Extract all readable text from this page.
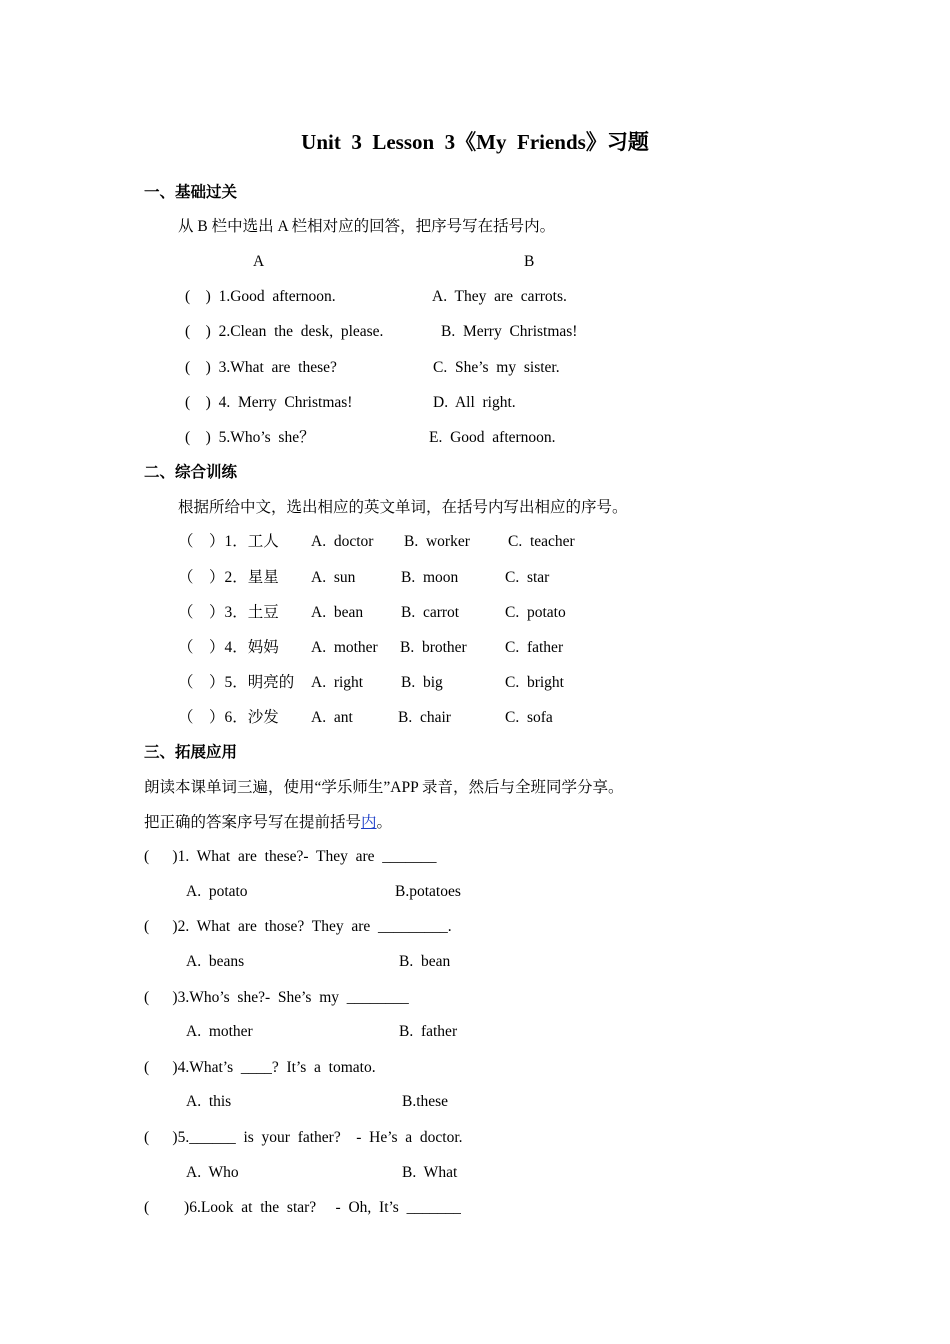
Unit  3  Lesson  3《My  Friends》习题
一、基础过关
从 B 栏中选出 A 栏相对应的回答，把序号写在括号内。
A	B
(    )  1.Good  afternoon.	A.  They  are  carrots.
(    )  2.Clean  the  desk,  please.	B.  Merry  Christmas!
(    )  3.What  are  these?	C.  She’s  my  sister.
(    )  4.  Merry  Christmas!	D.  All  right.
(    )  5.Who’s  she？	E.  Good  afternoon.
二、综合训练
根据所给中文，选出相应的英文单词，在括号内写出相应的序号。
（    ）1．工人 A.  doctor B.  worker C.  teacher
（    ）2．星星 A.  sun	B.  moon	C.  star
（    ）3．土豆 A.  bean B.  carrot	C.  potato
（    ）4．妈妈 A.  mother B.  brother C.  father
（    ）5．明亮的 A.  right B.  big	C.  bright
（    ）6．沙发 A.  ant	B.  chair	C.  sofa
三、拓展应用
朗读本课单词三遍，使用“学乐师生”APP 录音，然后与全班同学分享。
把正确的答案序号写在提前括号内。
(      )1.  What  are  these?-  They  are  _______
A.  potato	B.potatoes
(      )2.  What  are  those?  They  are  _________.
A.  beans	B.  bean
(      )3.Who’s  she?-  She’s  my  ________
A.  mother	B.  father
(      )4.What’s  ____?  It’s  a  tomato.
A.  this	B.these
(      )5.______  is  your  father?    -  He’s  a  doctor.
A.  Who	B.  What
(         )6.Look  at  the  star?     -  Oh,  It’s  _______
